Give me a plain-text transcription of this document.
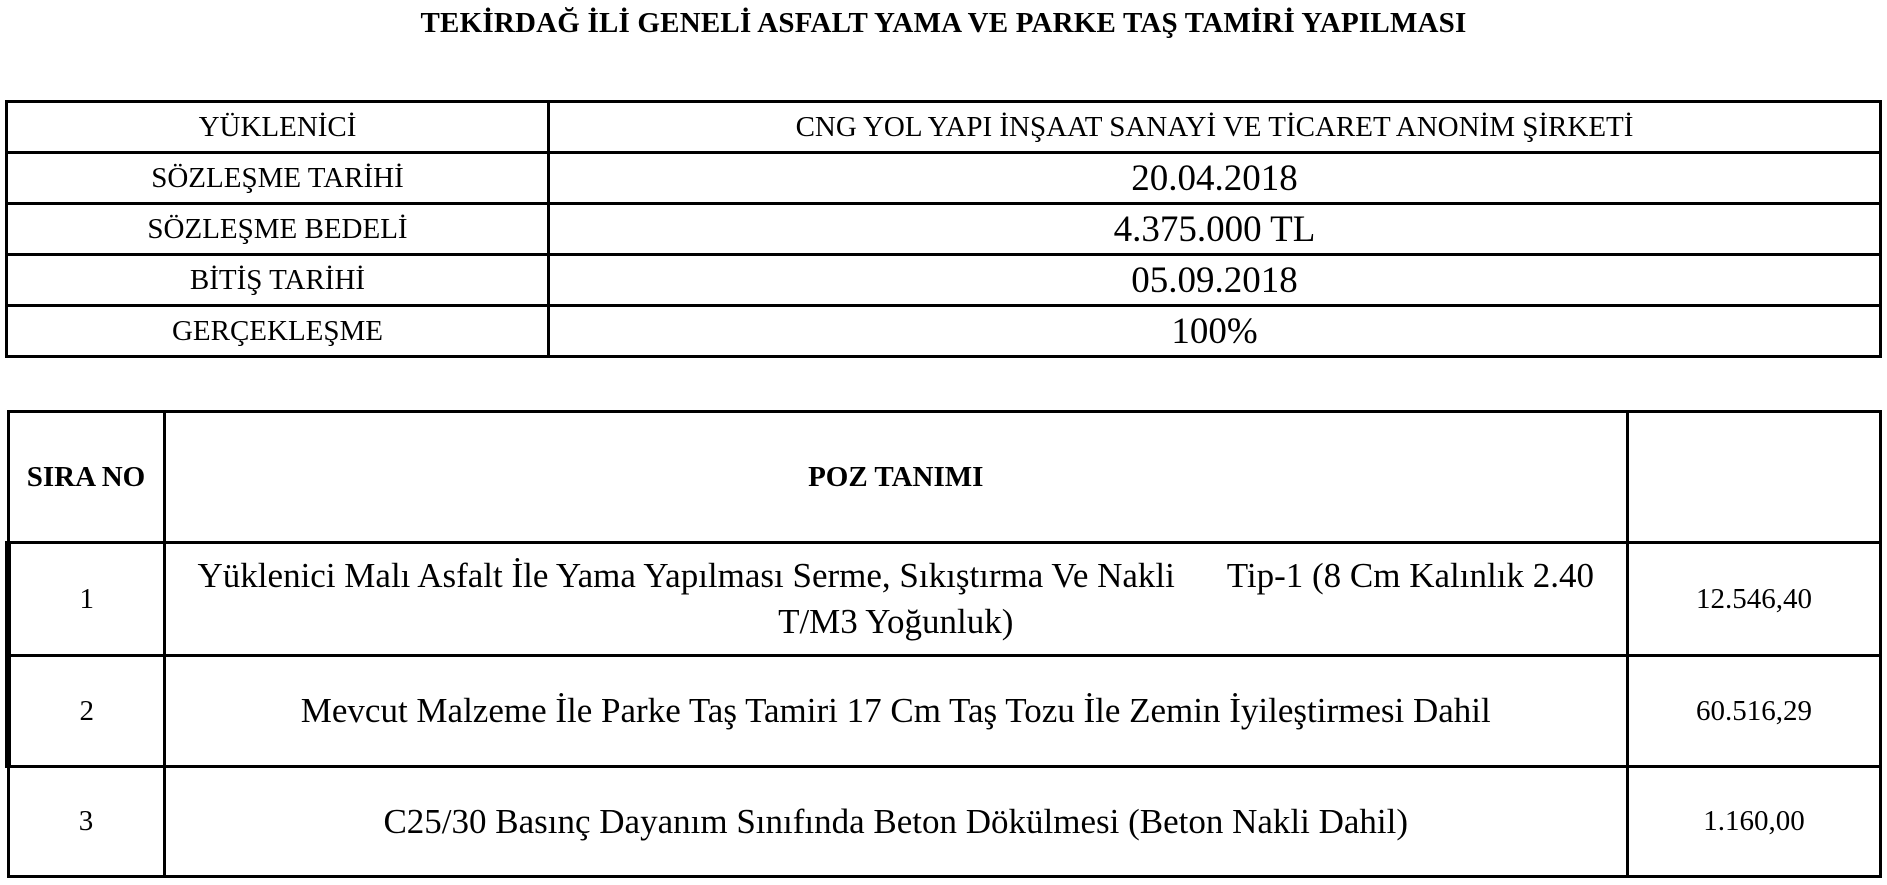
TEKİRDAĞ İLİ GENELİ ASFALT YAMA VE PARKE TAŞ TAMİRİ YAPILMASI
YÜKLENİCİ	CNG YOL YAPI İNŞAAT SANAYİ VE TİCARET ANONİM ŞİRKETİ
SÖZLEŞME TARİHİ	20.04.2018
SÖZLEŞME BEDELİ	4.375.000 TL
BİTİŞ TARİHİ	05.09.2018
GERÇEKLEŞME	100%
SIRA NO	POZ TANIMI	
1	Yüklenici Malı Asfalt İle Yama Yapılması Serme, Sıkıştırma Ve Nakli      Tip-1 (8 Cm Kalınlık 2.40 T/M3 Yoğunluk)	12.546,40
2	Mevcut Malzeme İle Parke Taş Tamiri 17 Cm Taş Tozu İle Zemin İyileştirmesi Dahil	60.516,29
3	C25/30 Basınç Dayanım Sınıfında Beton Dökülmesi (Beton Nakli Dahil)	1.160,00
